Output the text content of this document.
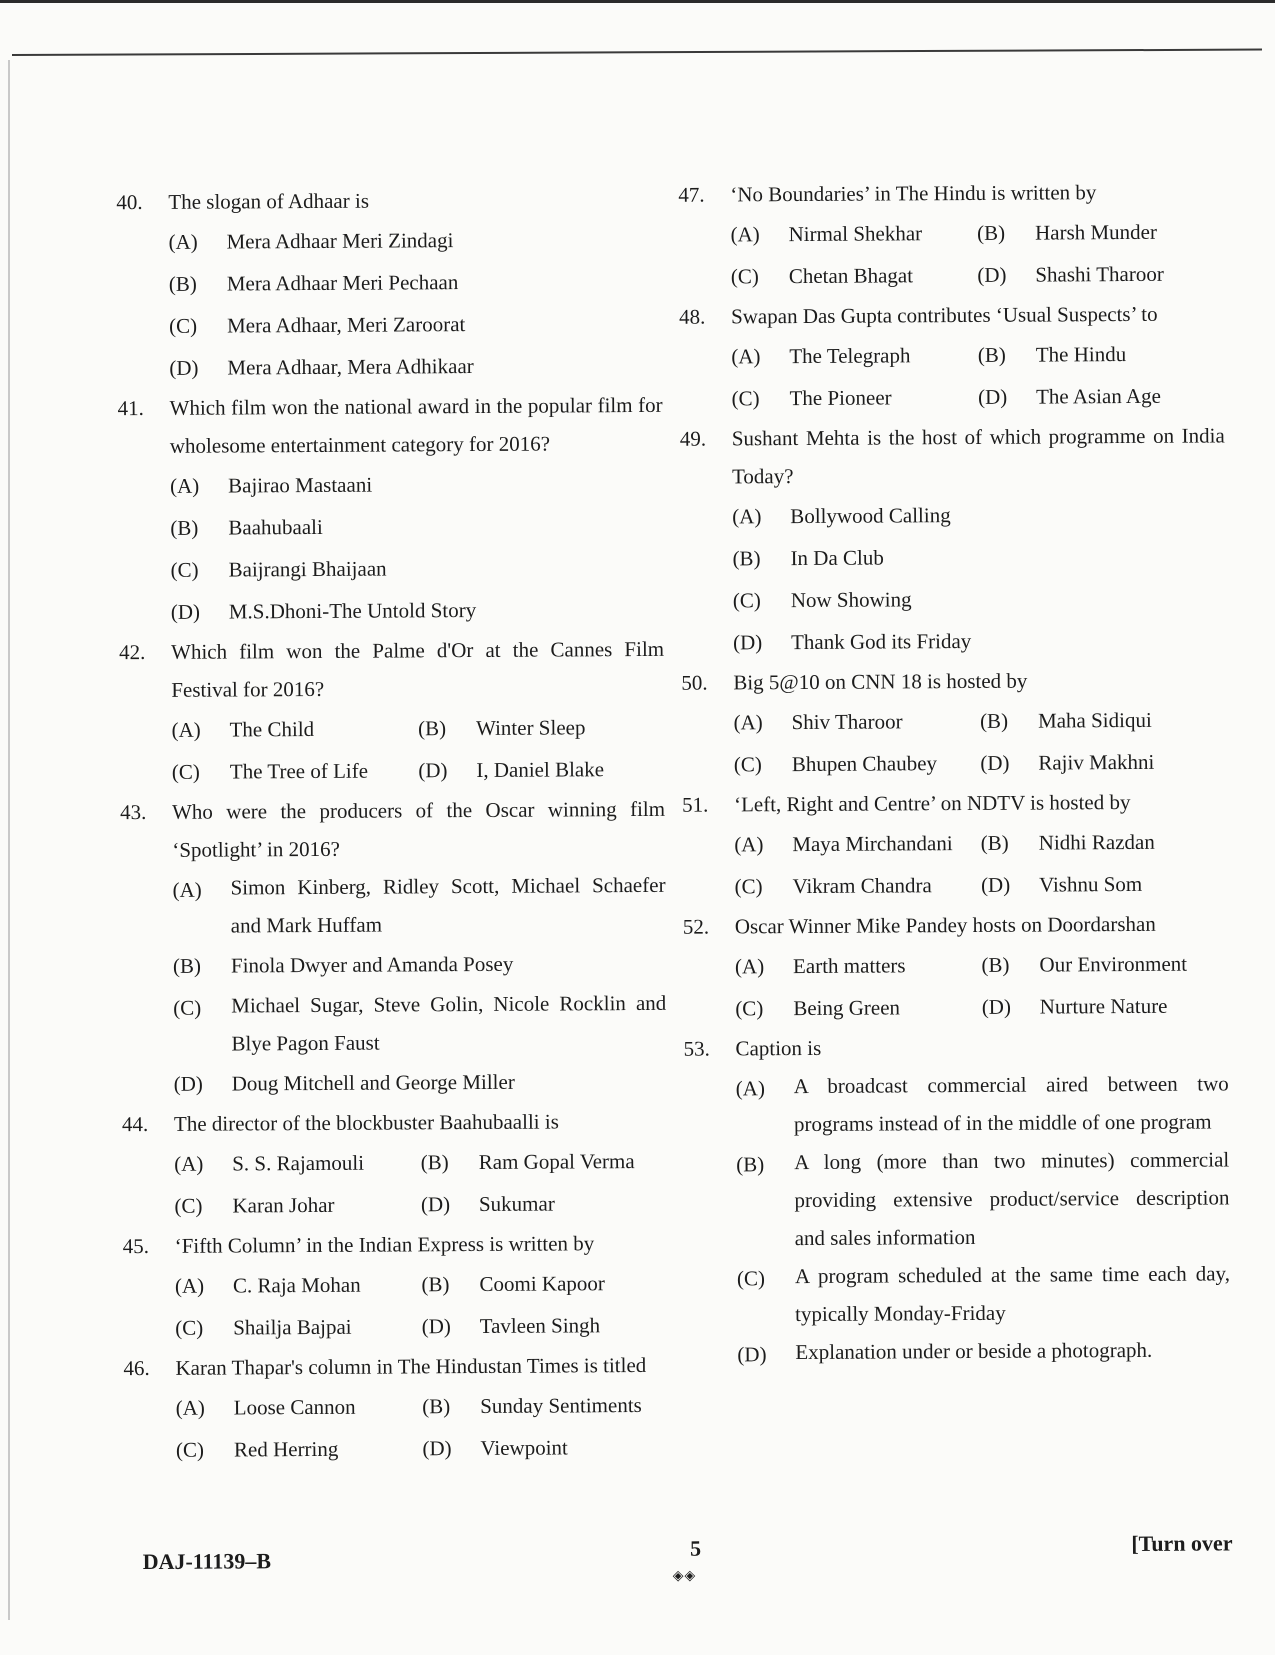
40.	The slogan of Adhaar is
(A)	Mera Adhaar Meri Zindagi
(B)	Mera Adhaar Meri Pechaan
(C)	Mera Adhaar, Meri Zaroorat
(D)	Mera Adhaar, Mera Adhikaar
41.	Which film won the national award in the popular film for wholesome entertainment category for 2016?
(A)	Bajirao Mastaani
(B)	Baahubaali
(C)	Baijrangi Bhaijaan
(D)	M.S.Dhoni-The Untold Story
42.	Which film won the Palme d'Or at the Cannes Film Festival for 2016?
(A)	The Child	(B)	Winter Sleep
(C)	The Tree of Life	(D)	I, Daniel Blake
43.	Who were the producers of the Oscar winning film ‘Spotlight’ in 2016?
(A)	Simon Kinberg, Ridley Scott, Michael Schaefer and Mark Huffam
(B)	Finola Dwyer and Amanda Posey
(C)	Michael Sugar, Steve Golin, Nicole Rocklin and Blye Pagon Faust
(D)	Doug Mitchell and George Miller
44.	The director of the blockbuster Baahubaalli is
(A)	S. S. Rajamouli	(B)	Ram Gopal Verma
(C)	Karan Johar	(D)	Sukumar
45.	‘Fifth Column’ in the Indian Express is written by
(A)	C. Raja Mohan	(B)	Coomi Kapoor
(C)	Shailja Bajpai	(D)	Tavleen Singh
46.	Karan Thapar's column in The Hindustan Times is titled
(A)	Loose Cannon	(B)	Sunday Sentiments
(C)	Red Herring	(D)	Viewpoint
47.	‘No Boundaries’ in The Hindu is written by
(A)	Nirmal Shekhar	(B)	Harsh Munder
(C)	Chetan Bhagat	(D)	Shashi Tharoor
48.	Swapan Das Gupta contributes ‘Usual Suspects’ to
(A)	The Telegraph	(B)	The Hindu
(C)	The Pioneer	(D)	The Asian Age
49.	Sushant Mehta is the host of which programme on India Today?
(A)	Bollywood Calling
(B)	In Da Club
(C)	Now Showing
(D)	Thank God its Friday
50.	Big 5@10 on CNN 18 is hosted by
(A)	Shiv Tharoor	(B)	Maha Sidiqui
(C)	Bhupen Chaubey	(D)	Rajiv Makhni
51.	‘Left, Right and Centre’ on NDTV is hosted by
(A)	Maya Mirchandani	(B)	Nidhi Razdan
(C)	Vikram Chandra	(D)	Vishnu Som
52.	Oscar Winner Mike Pandey hosts on Doordarshan
(A)	Earth matters	(B)	Our Environment
(C)	Being Green	(D)	Nurture Nature
53.	Caption is
(A)	A broadcast commercial aired between two programs instead of in the middle of one program
(B)	A long (more than two minutes) commercial providing extensive product/service description and sales information
(C)	A program scheduled at the same time each day, typically Monday-Friday
(D)	Explanation under or beside a photograph.
DAJ-11139–B
5
◈◈
[Turn over
